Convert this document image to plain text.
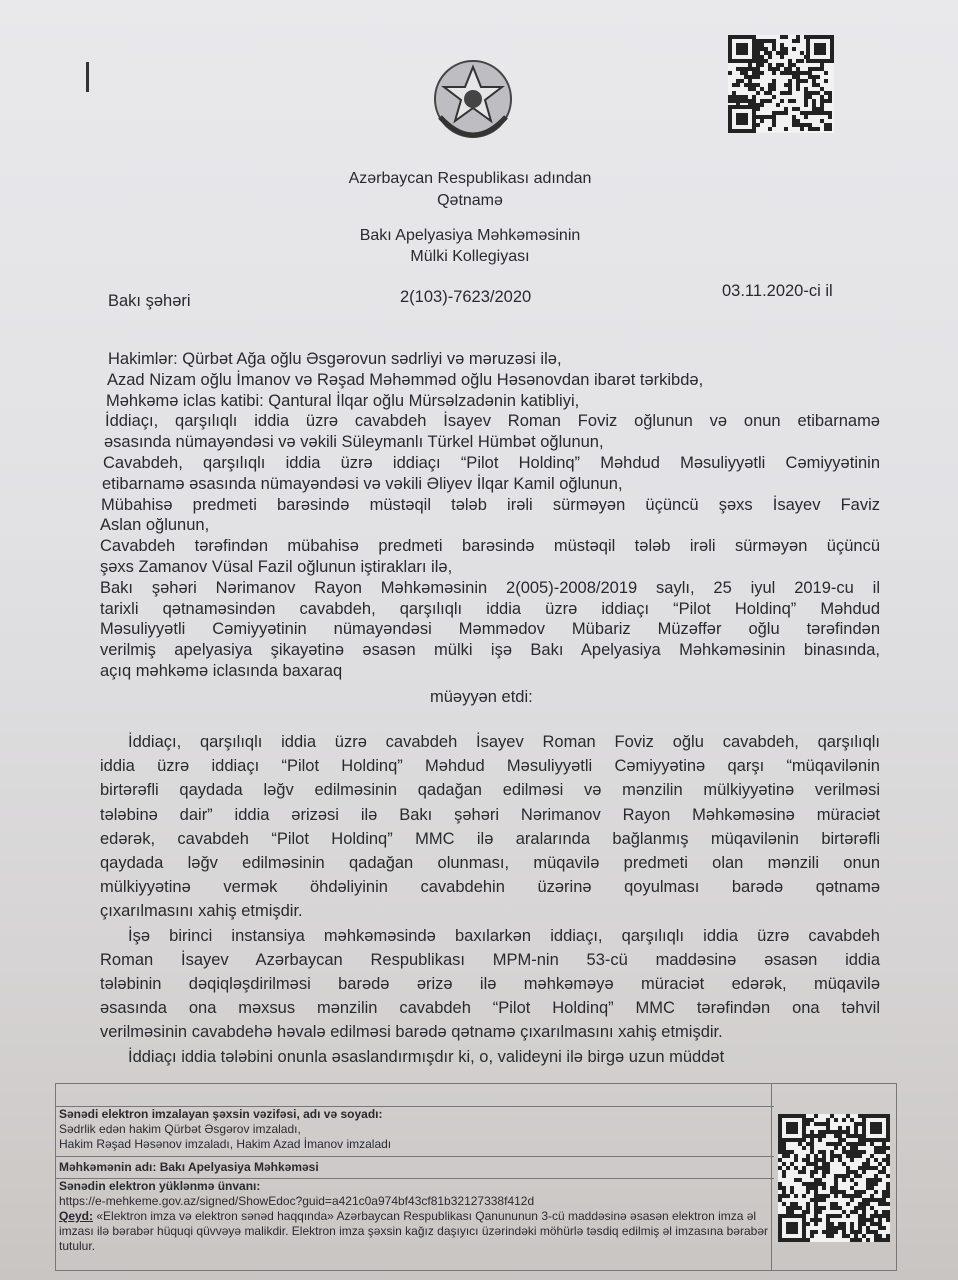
Azərbaycan Respublikası adından
Qətnamə
Bakı Apelyasiya Məhkəməsinin
Mülki Kollegiyası
Bakı şəhəri	2(103)-7623/2020	03.11.2020-ci il
Hakimlər: Qürbət Ağa oğlu Əsgərovun sədrliyi və məruzəsi ilə,
Azad Nizam oğlu İmanov və Rəşad Məhəmməd oğlu Həsənovdan ibarət tərkibdə,
Məhkəmə iclas katibi: Qantural İlqar oğlu Mürsəlzadənin katibliyi,
İddiaçı, qarşılıqlı iddia üzrə cavabdeh İsayev Roman Foviz oğlunun və onun etibarnamə
əsasında nümayəndəsi və vəkili Süleymanlı Türkel Hümbət oğlunun,
Cavabdeh, qarşılıqlı iddia üzrə iddiaçı “Pilot Holdinq” Məhdud Məsuliyyətli Cəmiyyətinin
etibarnamə əsasında nümayəndəsi və vəkili Əliyev İlqar Kamil oğlunun,
Mübahisə predmeti barəsində müstəqil tələb irəli sürməyən üçüncü şəxs İsayev Faviz
Aslan oğlunun,
Cavabdeh tərəfindən mübahisə predmeti barəsində müstəqil tələb irəli sürməyən üçüncü
şəxs Zamanov Vüsal Fazil oğlunun iştirakları ilə,
Bakı şəhəri Nərimanov Rayon Məhkəməsinin 2(005)-2008/2019 saylı, 25 iyul 2019-cu il
tarixli qətnaməsindən cavabdeh, qarşılıqlı iddia üzrə iddiaçı “Pilot Holdinq” Məhdud
Məsuliyyətli Cəmiyyətinin nümayəndəsi Məmmədov Mübariz Müzəffər oğlu tərəfindən
verilmiş apelyasiya şikayətinə əsasən mülki işə Bakı Apelyasiya Məhkəməsinin binasında,
açıq məhkəmə iclasında baxaraq
müəyyən etdi:
İddiaçı, qarşılıqlı iddia üzrə cavabdeh İsayev Roman Foviz oğlu cavabdeh, qarşılıqlı
iddia üzrə iddiaçı “Pilot Holdinq” Məhdud Məsuliyyətli Cəmiyyətinə qarşı “müqavilənin
birtərəfli qaydada ləğv edilməsinin qadağan edilməsi və mənzilin mülkiyyətinə verilməsi
tələbinə dair” iddia ərizəsi ilə Bakı şəhəri Nərimanov Rayon Məhkəməsinə müraciət
edərək, cavabdeh “Pilot Holdinq” MMC ilə aralarında bağlanmış müqavilənin birtərəfli
qaydada ləğv edilməsinin qadağan olunması, müqavilə predmeti olan mənzili onun
mülkiyyətinə vermək öhdəliyinin cavabdehin üzərinə qoyulması barədə qətnamə
çıxarılmasını xahiş etmişdir.
İşə birinci instansiya məhkəməsində baxılarkən iddiaçı, qarşılıqlı iddia üzrə cavabdeh
Roman İsayev Azərbaycan Respublikası MPM-nin 53-cü maddəsinə əsasən iddia
tələbinin dəqiqləşdirilməsi barədə ərizə ilə məhkəməyə müraciət edərək, müqavilə
əsasında ona məxsus mənzilin cavabdeh “Pilot Holdinq” MMC tərəfindən ona təhvil
verilməsinin cavabdehə həvalə edilməsi barədə qətnamə çıxarılmasını xahiş etmişdir.
İddiaçı iddia tələbini onunla əsaslandırmışdır ki, o, valideyni ilə birgə uzun müddət
Sənədi elektron imzalayan şəxsin vəzifəsi, adı və soyadı:
Sədrlik edən hakim Qürbət Əsgərov imzaladı,
Hakim Rəşad Həsənov imzaladı, Hakim Azad İmanov imzaladı
Məhkəmənin adı: Bakı Apelyasiya Məhkəməsi
Sənədin elektron yüklənmə ünvanı:
https://e-mehkeme.gov.az/signed/ShowEdoc?guid=a421c0a974bf43cf81b32127338f412d
Qeyd: «Elektron imza və elektron sənəd haqqında» Azərbaycan Respublikası Qanununun 3-cü maddəsinə əsasən elektron imza əl imzası ilə bərabər hüquqi qüvvəyə malikdir. Elektron imza şəxsin kağız daşıyıcı üzərindəki möhürlə təsdiq edilmiş əl imzasına bərabər tutulur.
